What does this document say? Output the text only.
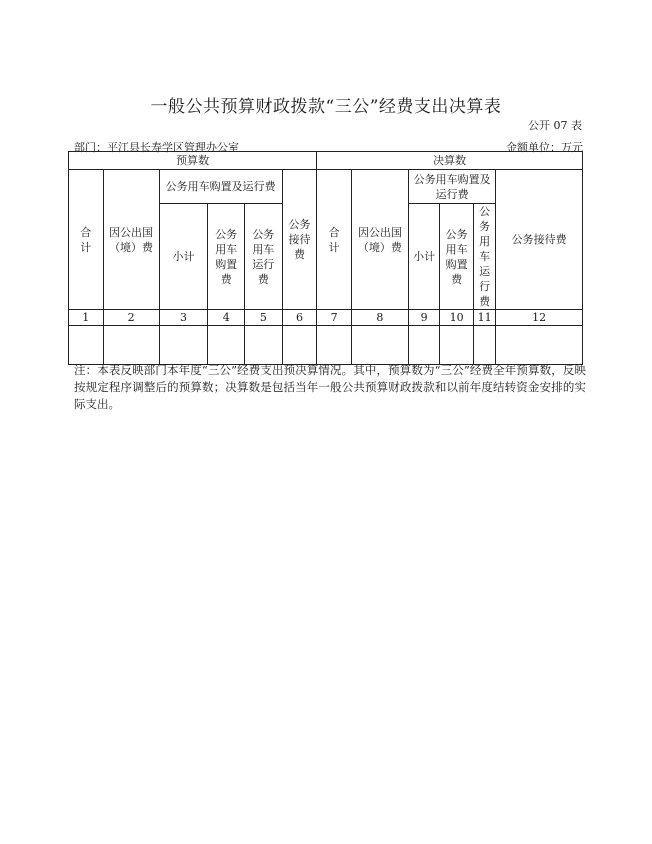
一般公共预算财政拨款“三公”经费支出决算表
公开 07 表
部门：平江县长寿学区管理办公室	金额单位：万元
预算数						决算数					
合计	因公出国（境）费	公务用车购置及运行费			公务接待费	合计	因公出国（境）费	公务用车购置及运行费			公务接待费
		小计	公务用车购置费	公务用车运行费				小计	公务用车购置费	公务用车运行费	
1	2	3	4	5	6	7	8	9	10	11	12

注：本表反映部门本年度“三公”经费支出预决算情况。其中，预算数为“三公”经费全年预算数，反映按规定程序调整后的预算数；决算数是包括当年一般公共预算财政拨款和以前年度结转资金安排的实际支出。
